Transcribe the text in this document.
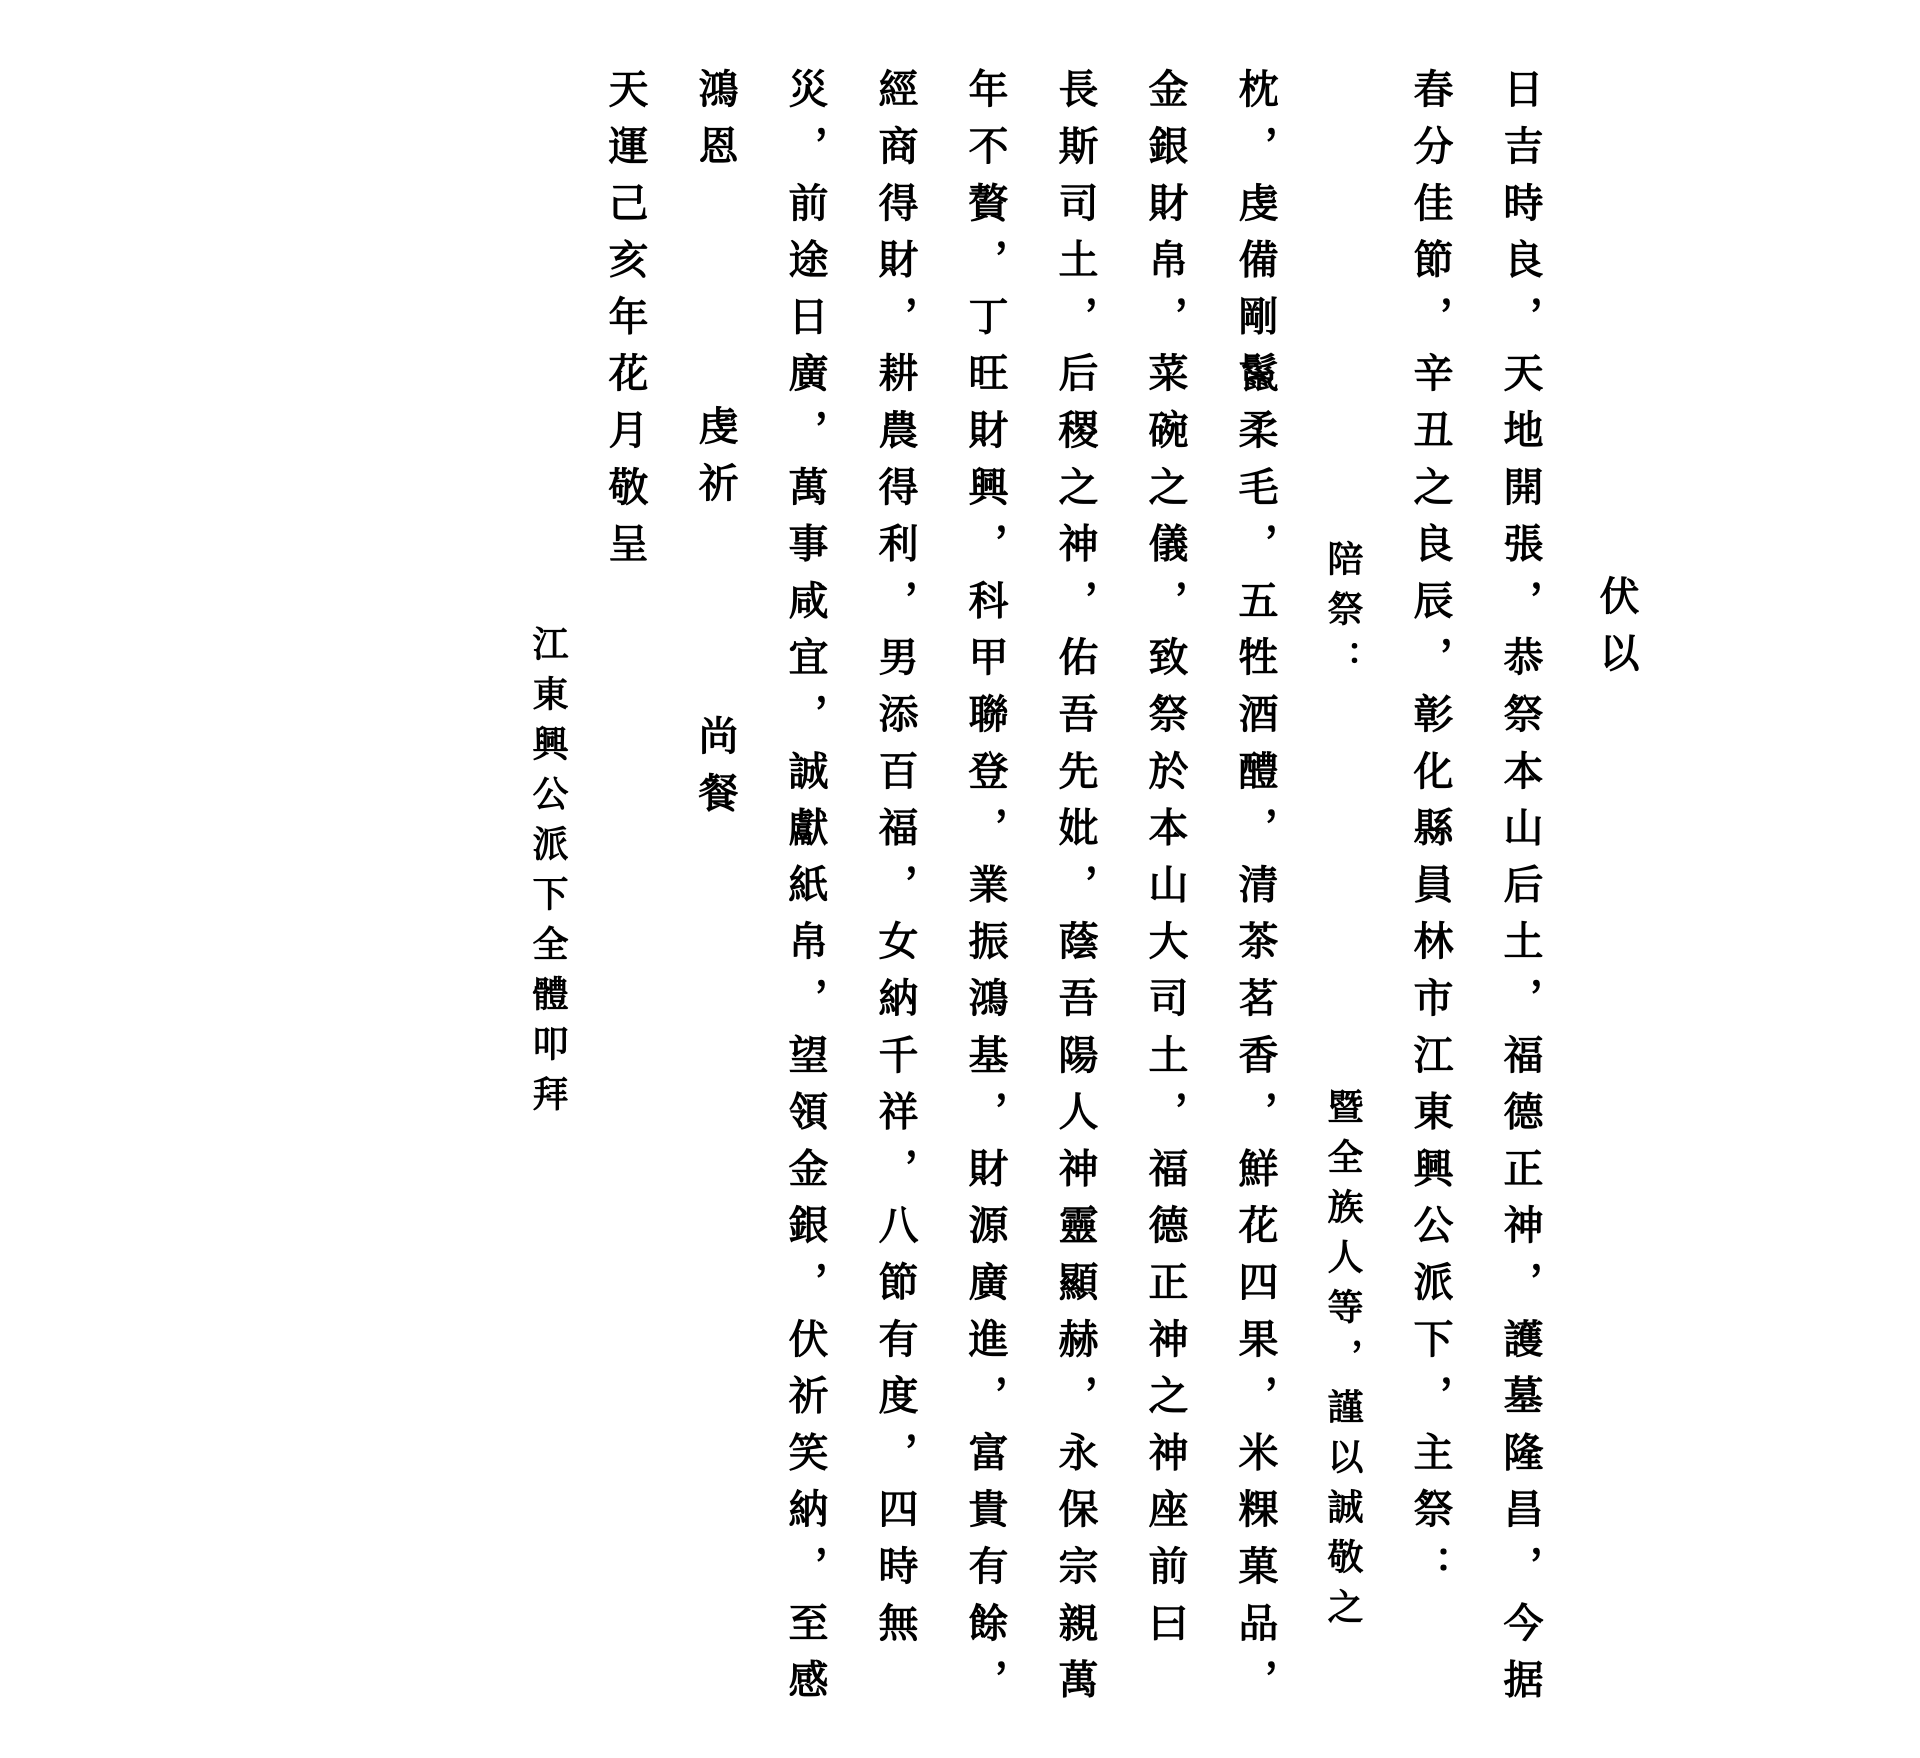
伏以
日吉時良，天地開張，恭祭本山后土，福德正神，護墓隆昌，今据
春分佳節，辛丑之良辰，彰化縣員林市江東興公派下，主祭：
陪祭：
暨全族人等，謹以誠敬之
枕，虔備剛鬣柔毛，五牲酒醴，清茶茗香，鮮花四果，米粿菓品，
金銀財帛，菜碗之儀，致祭於本山大司土，福德正神之神座前曰
長斯司土，后稷之神，佑吾先妣，蔭吾陽人神靈顯赫，永保宗親萬
年不贅，丁旺財興，科甲聯登，業振鴻基，財源廣進，富貴有餘，
經商得財，耕農得利，男添百福，女納千祥，八節有度，四時無
災，前途日廣，萬事咸宜，誠獻紙帛，望領金銀，伏祈笑納，至感
鴻恩
虔祈
尚餐
天運己亥年花月敬呈
江東興公派下全體叩拜
